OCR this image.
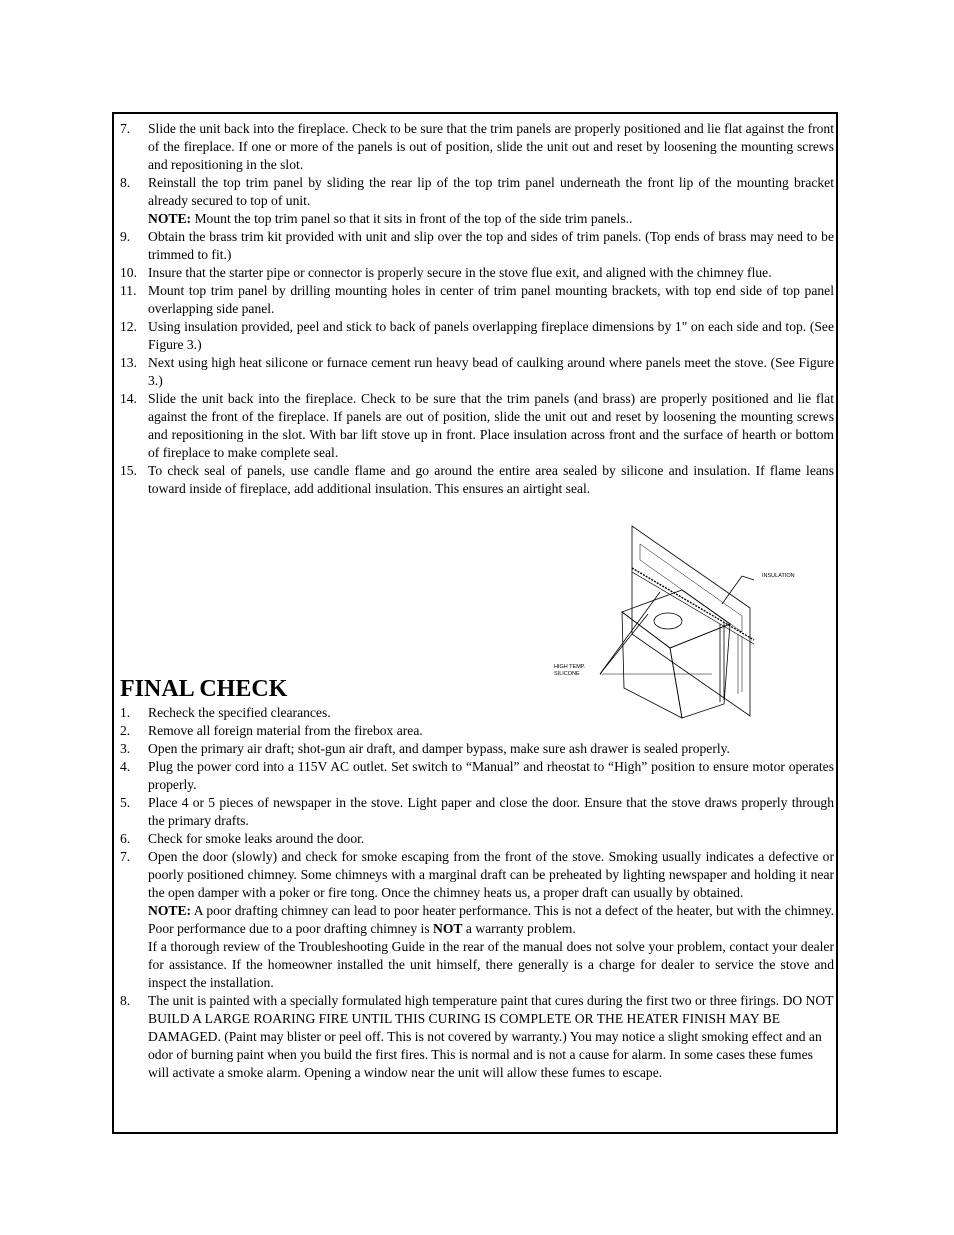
7. Slide the unit back into the fireplace. Check to be sure that the trim panels are properly positioned and lie flat against the front of the fireplace. If one or more of the panels is out of position, slide the unit out and reset by loosening the mounting screws and repositioning in the slot.

8. Reinstall the top trim panel by sliding the rear lip of the top trim panel underneath the front lip of the mounting bracket already secured to top of unit.

NOTE: Mount the top trim panel so that it sits in front of the top of the side trim panels..

9. Obtain the brass trim kit provided with unit and slip over the top and sides of trim panels. (Top ends of brass may need to be trimmed to fit.)

10. Insure that the starter pipe or connector is properly secure in the stove flue exit, and aligned with the chimney flue.

11. Mount top trim panel by drilling mounting holes in center of trim panel mounting brackets, with top end side of top panel overlapping side panel.

12. Using insulation provided, peel and stick to back of panels overlapping fireplace dimensions by 1" on each side and top. (See Figure 3.)

13. Next using high heat silicone or furnace cement run heavy bead of caulking around where panels meet the stove. (See Figure 3.)

14. Slide the unit back into the fireplace. Check to be sure that the trim panels (and brass) are properly positioned and lie flat against the front of the fireplace. If panels are out of position, slide the unit out and reset by loosening the mounting screws and repositioning in the slot. With bar lift stove up in front. Place insulation across front and the surface of hearth or bottom of fireplace to make complete seal.

15. To check seal of panels, use candle flame and go around the entire area sealed by silicone and insulation. If flame leans toward inside of fireplace, add additional insulation. This ensures an airtight seal.

INSULATION
HIGH TEMP.
SILICONE
FINAL CHECK
1. Recheck the specified clearances.

2. Remove all foreign material from the firebox area.

3. Open the primary air draft; shot-gun air draft, and damper bypass, make sure ash drawer is sealed properly.

4. Plug the power cord into a 115V AC outlet. Set switch to “Manual” and rheostat to “High” position to ensure motor operates properly.

5. Place 4 or 5 pieces of newspaper in the stove. Light paper and close the door. Ensure that the stove draws properly through the primary drafts.

6. Check for smoke leaks around the door.

7. Open the door (slowly) and check for smoke escaping from the front of the stove. Smoking usually indicates a defective or poorly positioned chimney. Some chimneys with a marginal draft can be preheated by lighting newspaper and holding it near the open damper with a poker or fire tong. Once the chimney heats us, a proper draft can usually by obtained.

NOTE: A poor drafting chimney can lead to poor heater performance. This is not a defect of the heater, but with the chimney. Poor performance due to a poor drafting chimney is NOT a warranty problem.

If a thorough review of the Troubleshooting Guide in the rear of the manual does not solve your problem, contact your dealer for assistance. If the homeowner installed the unit himself, there generally is a charge for dealer to service the stove and inspect the installation.

8. The unit is painted with a specially formulated high temperature paint that cures during the first two or three firings. DO NOT BUILD A LARGE ROARING FIRE UNTIL THIS CURING IS COMPLETE OR THE HEATER FINISH MAY BE DAMAGED. (Paint may blister or peel off. This is not covered by warranty.) You may notice a slight smoking effect and an odor of burning paint when you build the first fires. This is normal and is not a cause for alarm. In some cases these fumes will activate a smoke alarm. Opening a window near the unit will allow these fumes to escape.
